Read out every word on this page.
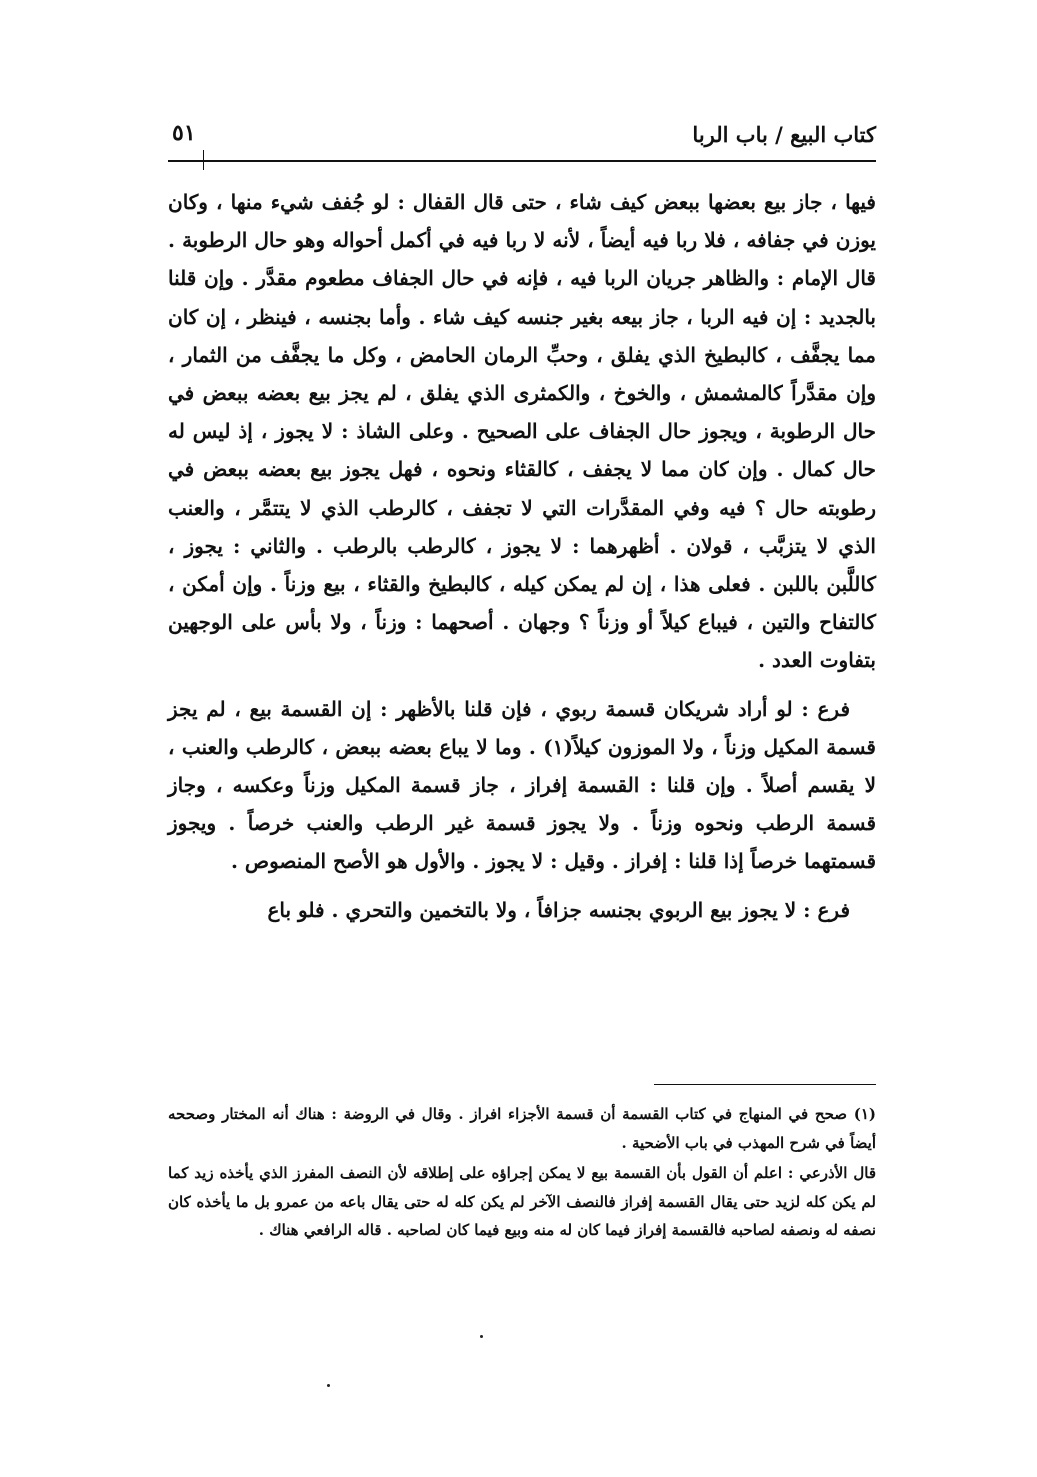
كتاب البيع / باب الربا
٥١

فيها ، جاز بيع بعضها ببعض كيف شاء ، حتى قال القفال : لو جُفف شيء منها ، وكان يوزن في جفافه ، فلا ربا فيه أيضاً ، لأنه لا ربا فيه في أكمل أحواله وهو حال الرطوبة . قال الإمام : والظاهر جريان الربا فيه ، فإنه في حال الجفاف مطعوم مقدَّر . وإن قلنا بالجديد : إن فيه الربا ، جاز بيعه بغير جنسه كيف شاء . وأما بجنسه ، فينظر ، إن كان مما يجفَّف ، كالبطيخ الذي يفلق ، وحبِّ الرمان الحامض ، وكل ما يجفَّف من الثمار ، وإن مقدَّراً كالمشمش ، والخوخ ، والكمثرى الذي يفلق ، لم يجز بيع بعضه ببعض في حال الرطوبة ، ويجوز حال الجفاف على الصحيح . وعلى الشاذ : لا يجوز ، إذ ليس له حال كمال . وإن كان مما لا يجفف ، كالقثاء ونحوه ، فهل يجوز بيع بعضه ببعض في رطوبته حال ؟ فيه وفي المقدَّرات التي لا تجفف ، كالرطب الذي لا يتتمَّر ، والعنب الذي لا يتزبَّب ، قولان . أظهرهما : لا يجوز ، كالرطب بالرطب . والثاني : يجوز ، كاللَّبن باللبن . فعلى هذا ، إن لم يمكن كيله ، كالبطيخ والقثاء ، بيع وزناً . وإن أمكن ، كالتفاح والتين ، فيباع كيلاً أو وزناً ؟ وجهان . أصحهما : وزناً ، ولا بأس على الوجهين بتفاوت العدد .

فرع : لو أراد شريكان قسمة ربوي ، فإن قلنا بالأظهر : إن القسمة بيع ، لم يجز قسمة المكيل وزناً ، ولا الموزون كيلاً(١) . وما لا يباع بعضه ببعض ، كالرطب والعنب ، لا يقسم أصلاً . وإن قلنا : القسمة إفراز ، جاز قسمة المكيل وزناً وعكسه ، وجاز قسمة الرطب ونحوه وزناً . ولا يجوز قسمة غير الرطب والعنب خرصاً . ويجوز قسمتهما خرصاً إذا قلنا : إفراز . وقيل : لا يجوز . والأول هو الأصح المنصوص .

فرع : لا يجوز بيع الربوي بجنسه جزافاً ، ولا بالتخمين والتحري . فلو باع

(١) صحح في المنهاج في كتاب القسمة أن قسمة الأجزاء افراز . وقال في الروضة : هناك أنه المختار وصححه أيضاً في شرح المهذب في باب الأضحية .

قال الأذرعي : اعلم أن القول بأن القسمة بيع لا يمكن إجراؤه على إطلاقه لأن النصف المفرز الذي يأخذه زيد كما لم يكن كله لزيد حتى يقال القسمة إفراز فالنصف الآخر لم يكن كله له حتى يقال باعه من عمرو بل ما يأخذه كان نصفه له ونصفه لصاحبه فالقسمة إفراز فيما كان له منه وبيع فيما كان لصاحبه . قاله الرافعي هناك .
